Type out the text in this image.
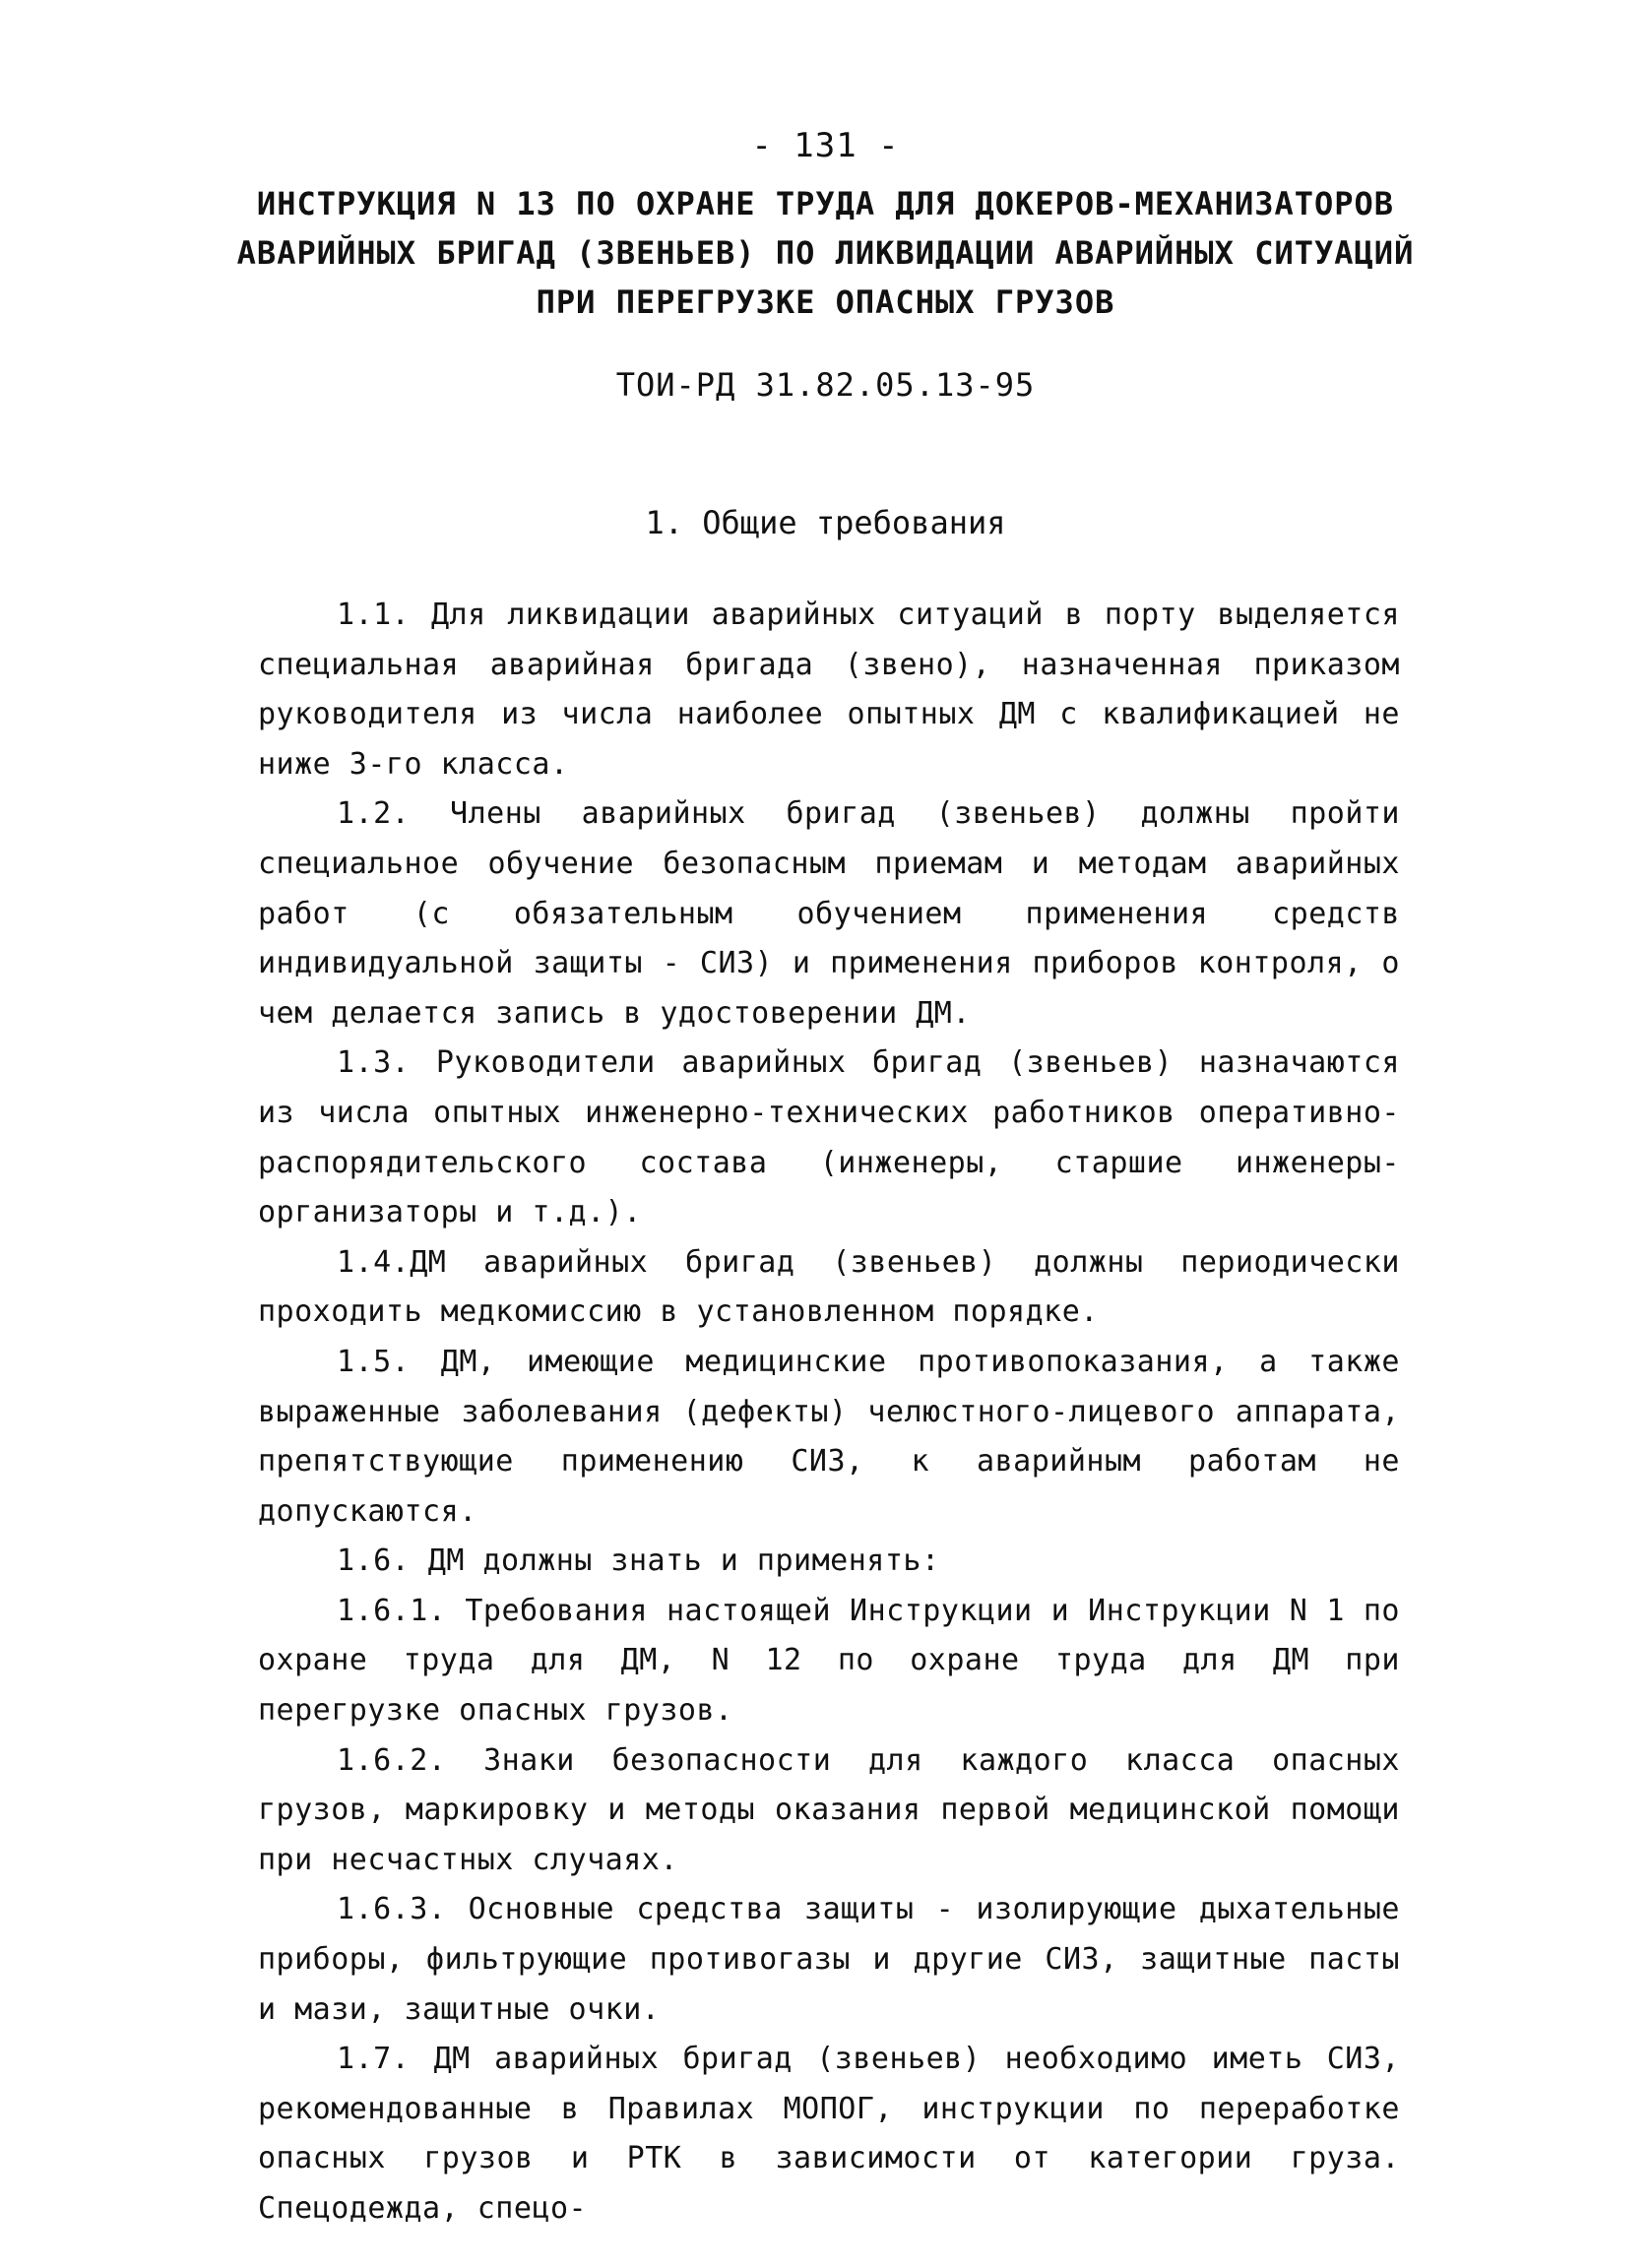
- 131 -
ИНСТРУКЦИЯ N 13 ПО ОХРАНЕ ТРУДА ДЛЯ ДОКЕРОВ-МЕХАНИЗАТОРОВ
АВАРИЙНЫХ БРИГАД (ЗВЕНЬЕВ) ПО ЛИКВИДАЦИИ АВАРИЙНЫХ СИТУАЦИЙ
ПРИ ПЕРЕГРУЗКЕ ОПАСНЫХ ГРУЗОВ
ТОИ-РД 31.82.05.13-95
1. Общие требования

1.1. Для ликвидации аварийных ситуаций в порту выделяется специальная аварийная бригада (звено), назначенная приказом руководителя из числа наиболее опытных ДМ с квалификацией не ниже 3-го класса.

1.2. Члены аварийных бригад (звеньев) должны пройти специальное обучение безопасным приемам и методам аварийных работ (с обязательным обучением применения средств индивидуальной защиты - СИЗ) и применения приборов контроля, о чем делается запись в удостоверении ДМ.

1.3. Руководители аварийных бригад (звеньев) назначаются из числа опытных инженерно-технических работников оперативно-распорядительского состава (инженеры, старшие инженеры-организаторы и т.д.).

1.4.ДМ аварийных бригад (звеньев) должны периодически проходить медкомиссию в установленном порядке.

1.5. ДМ, имеющие медицинские противопоказания, а также выраженные заболевания (дефекты) челюстного-лицевого аппарата, препятствующие применению СИЗ, к аварийным работам не допускаются.

1.6. ДМ должны знать и применять:

1.6.1. Требования настоящей Инструкции и Инструкции N 1 по охране труда для ДМ, N 12 по охране труда для ДМ при перегрузке опасных грузов.

1.6.2. Знаки безопасности для каждого класса опасных грузов, маркировку и методы оказания первой медицинской помощи при несчастных случаях.

1.6.3. Основные средства защиты - изолирующие дыхательные приборы, фильтрующие противогазы и другие СИЗ, защитные пасты и мази, защитные очки.

1.7. ДМ аварийных бригад (звеньев) необходимо иметь СИЗ, рекомендованные в Правилах МОПОГ, инструкции по переработке опасных грузов и РТК в зависимости от категории груза. Спецодежда, спецо-
